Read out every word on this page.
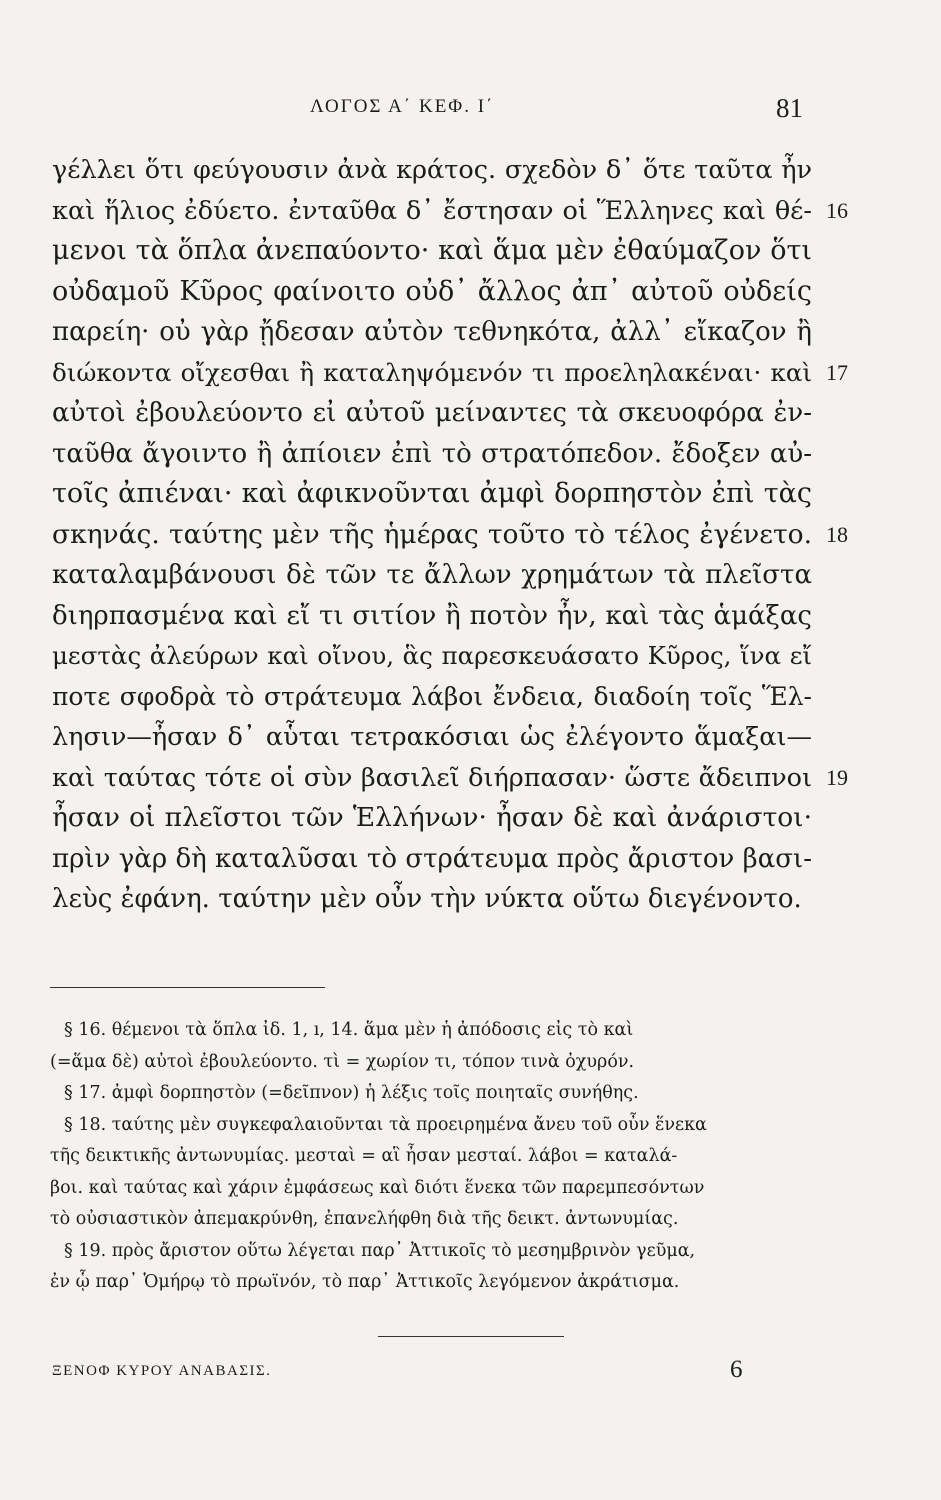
ΛΟΓΟΣ Α΄ ΚΕΦ. Ι΄	81
γέλλει ὅτι φεύγουσιν ἀνὰ κράτος. σχεδὸν δ᾽ ὅτε ταῦτα ἦν
καὶ ἥλιος ἐδύετο. ἐνταῦθα δ᾽ ἔστησαν οἱ Ἕλληνες καὶ θέ-
μενοι τὰ ὅπλα ἀνεπαύοντο· καὶ ἅμα μὲν ἐθαύμαζον ὅτι
οὐδαμοῦ Κῦρος φαίνοιτο οὐδ᾽ ἄλλος ἀπ᾽ αὐτοῦ οὐδείς
παρείη· οὐ γὰρ ᾔδεσαν αὐτὸν τεθνηκότα, ἀλλ᾽ εἴκαζον ἢ
διώκοντα οἴχεσθαι ἢ καταληψόμενόν τι προεληλακέναι· καὶ
αὐτοὶ ἐβουλεύοντο εἰ αὐτοῦ μείναντες τὰ σκευοφόρα ἐν-
ταῦθα ἄγοιντο ἢ ἀπίοιεν ἐπὶ τὸ στρατόπεδον. ἔδοξεν αὐ-
τοῖς ἀπιέναι· καὶ ἀφικνοῦνται ἀμφὶ δορπηστὸν ἐπὶ τὰς
σκηνάς. ταύτης μὲν τῆς ἡμέρας τοῦτο τὸ τέλος ἐγένετο.
καταλαμβάνουσι δὲ τῶν τε ἄλλων χρημάτων τὰ πλεῖστα
διηρπασμένα καὶ εἴ τι σιτίον ἢ ποτὸν ἦν, καὶ τὰς ἁμάξας
μεστὰς ἀλεύρων καὶ οἴνου, ἃς παρεσκευάσατο Κῦρος, ἵνα εἴ
ποτε σφοδρὰ τὸ στράτευμα λάβοι ἔνδεια, διαδοίη τοῖς Ἕλ-
λησιν—ἦσαν δ᾽ αὗται τετρακόσιαι ὡς ἐλέγοντο ἅμαξαι—
καὶ ταύτας τότε οἱ σὺν βασιλεῖ διήρπασαν· ὥστε ἄδειπνοι
ἦσαν οἱ πλεῖστοι τῶν Ἑλλήνων· ἦσαν δὲ καὶ ἀνάριστοι·
πρὶν γὰρ δὴ καταλῦσαι τὸ στράτευμα πρὸς ἄριστον βασι-
λεὺς ἐφάνη. ταύτην μὲν οὖν τὴν νύκτα οὕτω διεγένοντο.
16
17
18
19
§ 16. θέμενοι τὰ ὅπλα ἰδ. 1, ı, 14. ἅμα μὲν ἡ ἀπόδοσις εἰς τὸ καὶ
(=ἅμα δὲ) αὐτοὶ ἐβουλεύοντο. τὶ = χωρίον τι, τόπον τινὰ ὀχυρόν.
§ 17. ἀμφὶ δορπηστὸν (=δεῖπνον) ἡ λέξις τοῖς ποιηταῖς συνήθης.
§ 18. ταύτης μὲν συγκεφαλαιοῦνται τὰ προειρημένα ἄνευ τοῦ οὖν ἕνεκα
τῆς δεικτικῆς ἀντωνυμίας. μεσταὶ = αἳ ἦσαν μεσταί. λάβοι = καταλά-
βοι. καὶ ταύτας καὶ χάριν ἐμφάσεως καὶ διότι ἕνεκα τῶν παρεμπεσόντων
τὸ οὐσιαστικὸν ἀπεμακρύνθη, ἐπανελήφθη διὰ τῆς δεικτ. ἀντωνυμίας.
§ 19. πρὸς ἄριστον οὕτω λέγεται παρ᾽ Ἀττικοῖς τὸ μεσημβρινὸν γεῦμα,
ἐν ᾧ παρ᾽ Ὁμήρῳ τὸ πρωϊνόν, τὸ παρ᾽ Ἀττικοῖς λεγόμενον ἀκράτισμα.
ΞΕΝΟΦ ΚΥΡΟΥ ΑΝΑΒΑΣΙΣ.	6
